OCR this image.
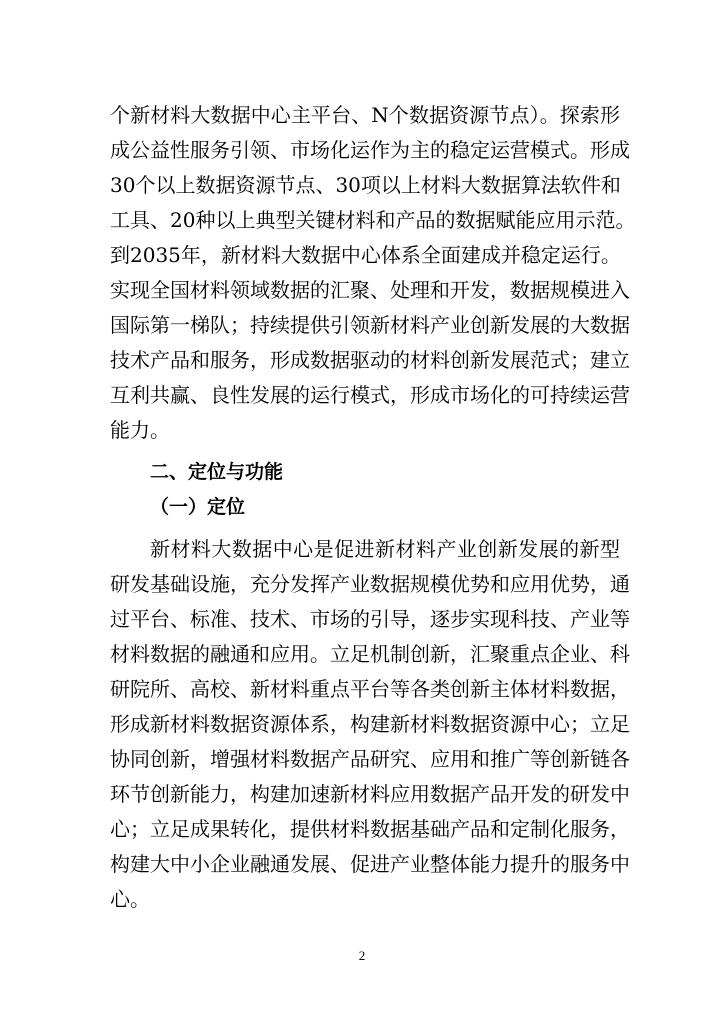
个新材料大数据中心主平台、N个数据资源节点）。探索形
成公益性服务引领、市场化运作为主的稳定运营模式。形成
30个以上数据资源节点、30项以上材料大数据算法软件和
工具、20种以上典型关键材料和产品的数据赋能应用示范。
到2035年，新材料大数据中心体系全面建成并稳定运行。
实现全国材料领域数据的汇聚、处理和开发，数据规模进入
国际第一梯队；持续提供引领新材料产业创新发展的大数据
技术产品和服务，形成数据驱动的材料创新发展范式；建立
互利共赢、良性发展的运行模式，形成市场化的可持续运营
能力。
二、定位与功能
（一）定位
新材料大数据中心是促进新材料产业创新发展的新型
研发基础设施，充分发挥产业数据规模优势和应用优势，通
过平台、标准、技术、市场的引导，逐步实现科技、产业等
材料数据的融通和应用。立足机制创新，汇聚重点企业、科
研院所、高校、新材料重点平台等各类创新主体材料数据，
形成新材料数据资源体系，构建新材料数据资源中心；立足
协同创新，增强材料数据产品研究、应用和推广等创新链各
环节创新能力，构建加速新材料应用数据产品开发的研发中
心；立足成果转化，提供材料数据基础产品和定制化服务，
构建大中小企业融通发展、促进产业整体能力提升的服务中
心。
2
